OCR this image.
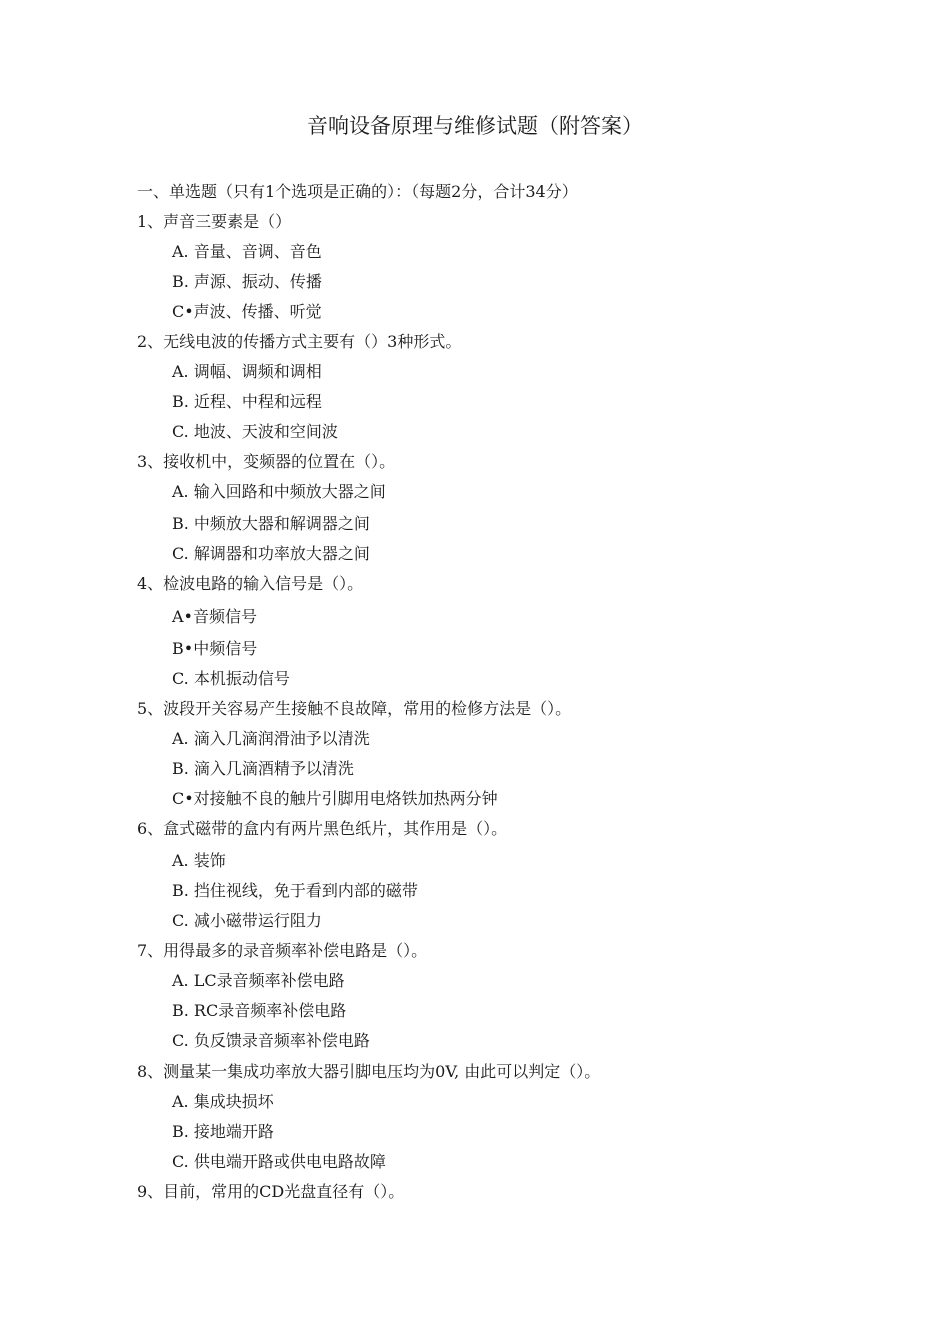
音响设备原理与维修试题（附答案）
一、单选题（只有1个选项是正确的）：（每题2分，合计34分）
1、声音三要素是（）
A. 音量、音调、音色
B. 声源、振动、传播
C•声波、传播、听觉
2、无线电波的传播方式主要有（）3种形式。
A. 调幅、调频和调相
B. 近程、中程和远程
C. 地波、天波和空间波
3、接收机中，变频器的位置在（）。
A. 输入回路和中频放大器之间
B. 中频放大器和解调器之间
C. 解调器和功率放大器之间
4、检波电路的输入信号是（）。
A•音频信号
B•中频信号
C. 本机振动信号
5、波段开关容易产生接触不良故障，常用的检修方法是（）。
A. 滴入几滴润滑油予以清洗
B. 滴入几滴酒精予以清洗
C•对接触不良的触片引脚用电烙铁加热两分钟
6、盒式磁带的盒内有两片黑色纸片，其作用是（）。
A. 装饰
B. 挡住视线，免于看到内部的磁带
C. 减小磁带运行阻力
7、用得最多的录音频率补偿电路是（）。
A. LC录音频率补偿电路
B. RC录音频率补偿电路
C. 负反馈录音频率补偿电路
8、测量某一集成功率放大器引脚电压均为0V, 由此可以判定（）。
A. 集成块损坏
B. 接地端开路
C. 供电端开路或供电电路故障
9、目前，常用的CD光盘直径有（）。
